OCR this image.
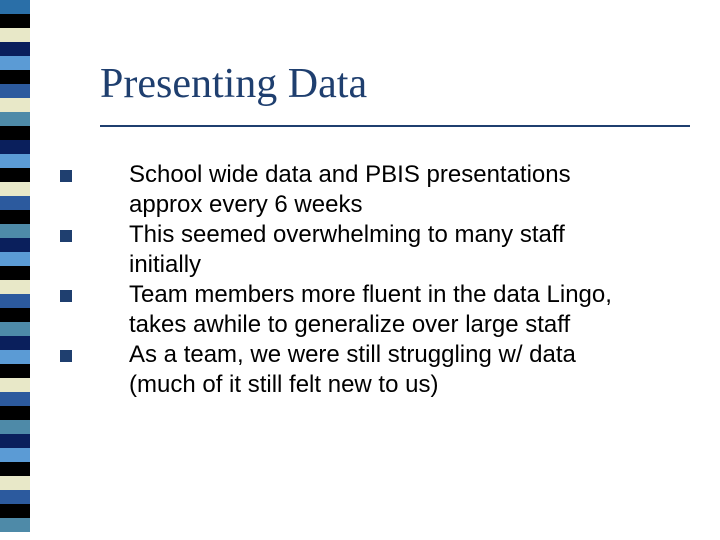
Presenting Data
School wide data and PBIS presentations
approx every 6 weeks
This seemed overwhelming to many staff
initially
Team members more fluent in the data Lingo,
takes awhile to generalize over large staff
As a team, we were still struggling w/ data
(much of it still felt new to us)
